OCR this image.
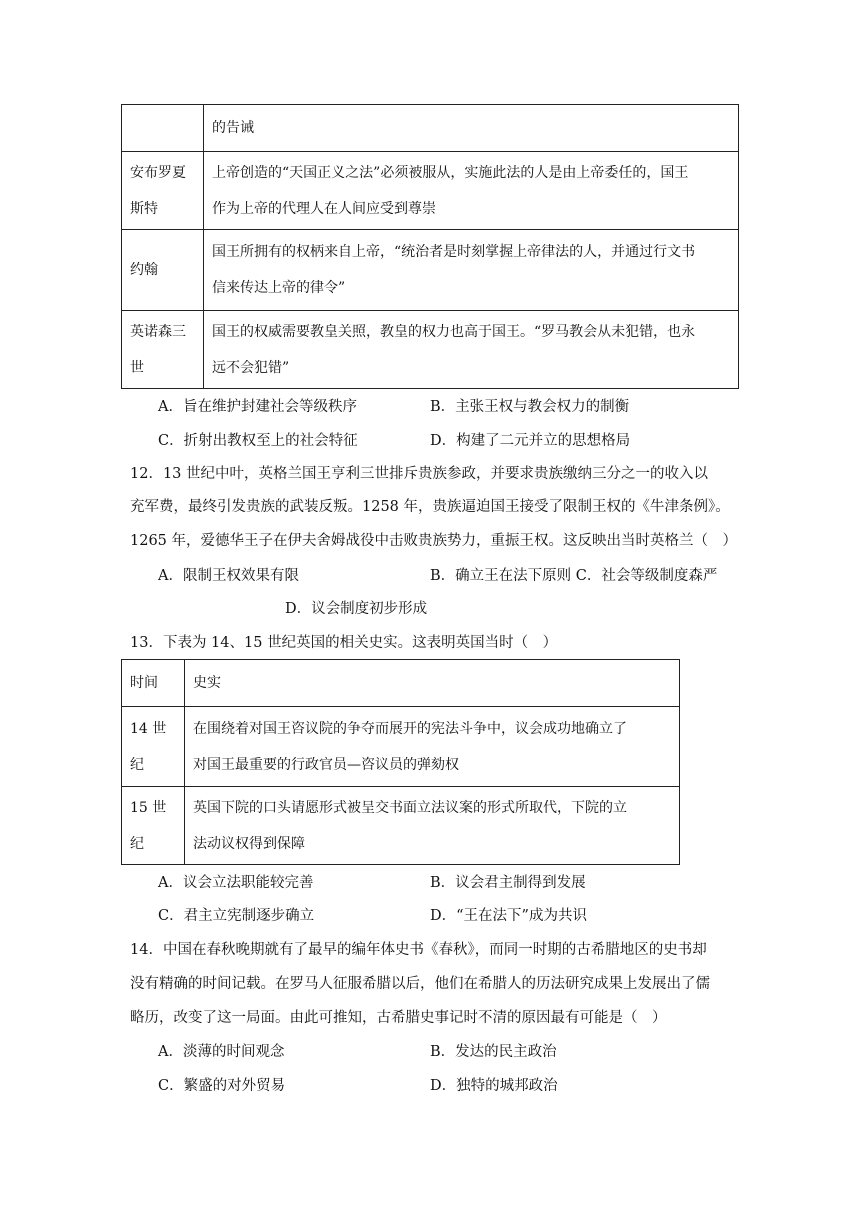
	的告诫
安布罗夏
斯特	上帝创造的“天国正义之法”必须被服从，实施此法的人是由上帝委任的，国王
作为上帝的代理人在人间应受到尊崇
约翰	国王所拥有的权柄来自上帝，“统治者是时刻掌握上帝律法的人，并通过行文书
信来传达上帝的律令”
英诺森三
世	国王的权威需要教皇关照，教皇的权力也高于国王。“罗马教会从未犯错，也永
远不会犯错”
A．旨在维护封建社会等级秩序	B．主张王权与教会权力的制衡
C．折射出教权至上的社会特征	D．构建了二元并立的思想格局
12．13 世纪中叶，英格兰国王亨利三世排斥贵族参政，并要求贵族缴纳三分之一的收入以
充军费，最终引发贵族的武装反叛。1258 年，贵族逼迫国王接受了限制王权的《牛津条例》。
1265 年，爱德华王子在伊夫舍姆战役中击败贵族势力，重振王权。这反映出当时英格兰（　）
A．限制王权效果有限	B．确立王在法下原则 C．社会等级制度森严
D．议会制度初步形成
13．下表为 14、15 世纪英国的相关史实。这表明英国当时（　）
时间	史实
14 世纪	在围绕着对国王咨议院的争夺而展开的宪法斗争中，议会成功地确立了
对国王最重要的行政官员—咨议员的弹劾权
15 世纪	英国下院的口头请愿形式被呈交书面立法议案的形式所取代，下院的立
法动议权得到保障
A．议会立法职能较完善	B．议会君主制得到发展
C．君主立宪制逐步确立	D．“王在法下”成为共识
14．中国在春秋晚期就有了最早的编年体史书《春秋》，而同一时期的古希腊地区的史书却
没有精确的时间记载。在罗马人征服希腊以后，他们在希腊人的历法研究成果上发展出了儒
略历，改变了这一局面。由此可推知，古希腊史事记时不清的原因最有可能是（　）
A．淡薄的时间观念	B．发达的民主政治
C．繁盛的对外贸易	D．独特的城邦政治
